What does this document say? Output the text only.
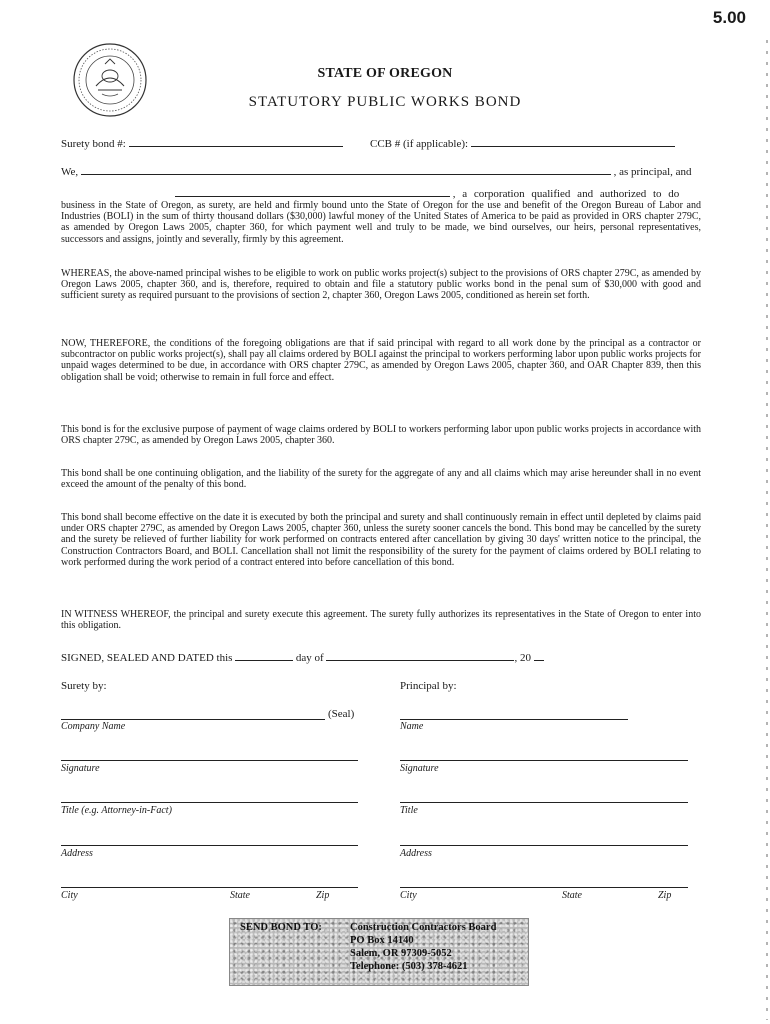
5.00
STATE OF OREGON
STATUTORY PUBLIC WORKS BOND
Surety bond #:	CCB # (if applicable):
We,	, as principal, and
, a corporation qualified and authorized to do
business in the State of Oregon, as surety, are held and firmly bound unto the State of Oregon for the use and benefit of the Oregon Bureau of Labor and Industries (BOLI) in the sum of thirty thousand dollars ($30,000) lawful money of the United States of America to be paid as provided in ORS chapter 279C, as amended by Oregon Laws 2005, chapter 360, for which payment well and truly to be made, we bind ourselves, our heirs, personal representatives, successors and assigns, jointly and severally, firmly by this agreement.
WHEREAS, the above-named principal wishes to be eligible to work on public works project(s) subject to the provisions of ORS chapter 279C, as amended by Oregon Laws 2005, chapter 360, and is, therefore, required to obtain and file a statutory public works bond in the penal sum of $30,000 with good and sufficient surety as required pursuant to the provisions of section 2, chapter 360, Oregon Laws 2005, conditioned as herein set forth.
NOW, THEREFORE, the conditions of the foregoing obligations are that if said principal with regard to all work done by the principal as a contractor or subcontractor on public works project(s), shall pay all claims ordered by BOLI against the principal to workers performing labor upon public works projects for unpaid wages determined to be due, in accordance with ORS chapter 279C, as amended by Oregon Laws 2005, chapter 360, and OAR Chapter 839, then this obligation shall be void; otherwise to remain in full force and effect.
This bond is for the exclusive purpose of payment of wage claims ordered by BOLI to workers performing labor upon public works projects in accordance with ORS chapter 279C, as amended by Oregon Laws 2005, chapter 360.
This bond shall be one continuing obligation, and the liability of the surety for the aggregate of any and all claims which may arise hereunder shall in no event exceed the amount of the penalty of this bond.
This bond shall become effective on the date it is executed by both the principal and surety and shall continuously remain in effect until depleted by claims paid under ORS chapter 279C, as amended by Oregon Laws 2005, chapter 360, unless the surety sooner cancels the bond. This bond may be cancelled by the surety and the surety be relieved of further liability for work performed on contracts entered after cancellation by giving 30 days' written notice to the principal, the Construction Contractors Board, and BOLI. Cancellation shall not limit the responsibility of the surety for the payment of claims ordered by BOLI relating to work performed during the work period of a contract entered into before cancellation of this bond.
IN WITNESS WHEREOF, the principal and surety execute this agreement. The surety fully authorizes its representatives in the State of Oregon to enter into this obligation.
SIGNED, SEALED AND DATED this	day of	, 20
Surety by:
(Seal)
Company Name
Signature
Title (e.g. Attorney-in-Fact)
Address
City	State	Zip
Principal by:
Name
Signature
Title
Address
City	State	Zip
SEND BOND TO:	Construction Contractors Board
PO Box 14140
Salem, OR 97309-5052
Telephone: (503) 378-4621
